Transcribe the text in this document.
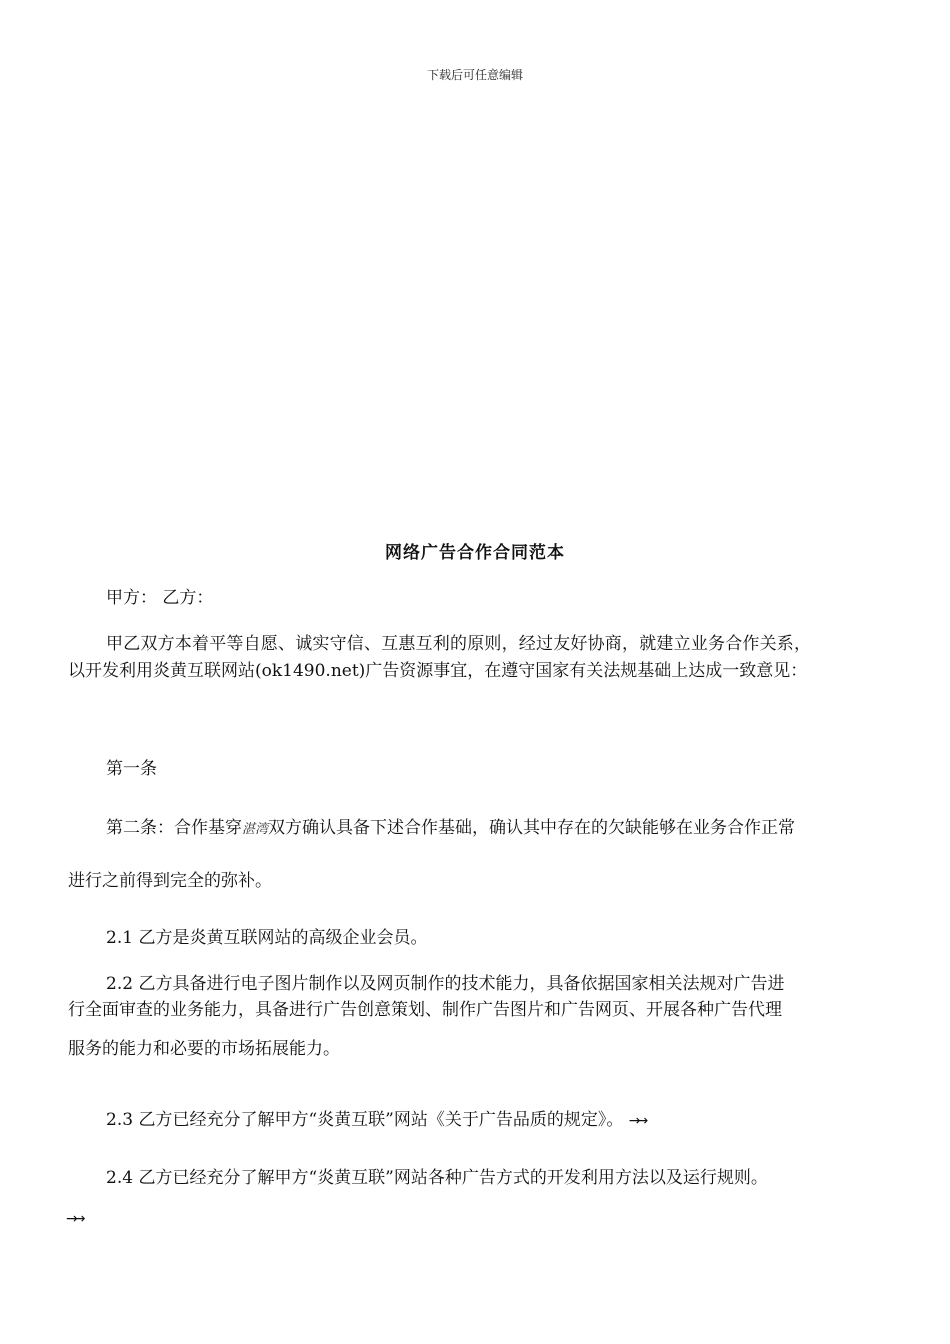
下载后可任意编辑
网络广告合作合同范本
甲方： 乙方：
甲乙双方本着平等自愿、诚实守信、互惠互利的原则，经过友好协商，就建立业务合作关系，
以开发利用炎黄互联网站(ok1490.net)广告资源事宜，在遵守国家有关法规基础上达成一致意见：
第一条
第二条：合作基穿湛湾双方确认具备下述合作基础，确认其中存在的欠缺能够在业务合作正常
进行之前得到完全的弥补。
2.1 乙方是炎黄互联网站的高级企业会员。
2.2 乙方具备进行电子图片制作以及网页制作的技术能力，具备依据国家相关法规对广告进
行全面审查的业务能力，具备进行广告创意策划、制作广告图片和广告网页、开展各种广告代理
服务的能力和必要的市场拓展能力。
2.3 乙方已经充分了解甲方“炎黄互联”网站《关于广告品质的规定》。 →→
2.4 乙方已经充分了解甲方“炎黄互联”网站各种广告方式的开发利用方法以及运行规则。
→→
